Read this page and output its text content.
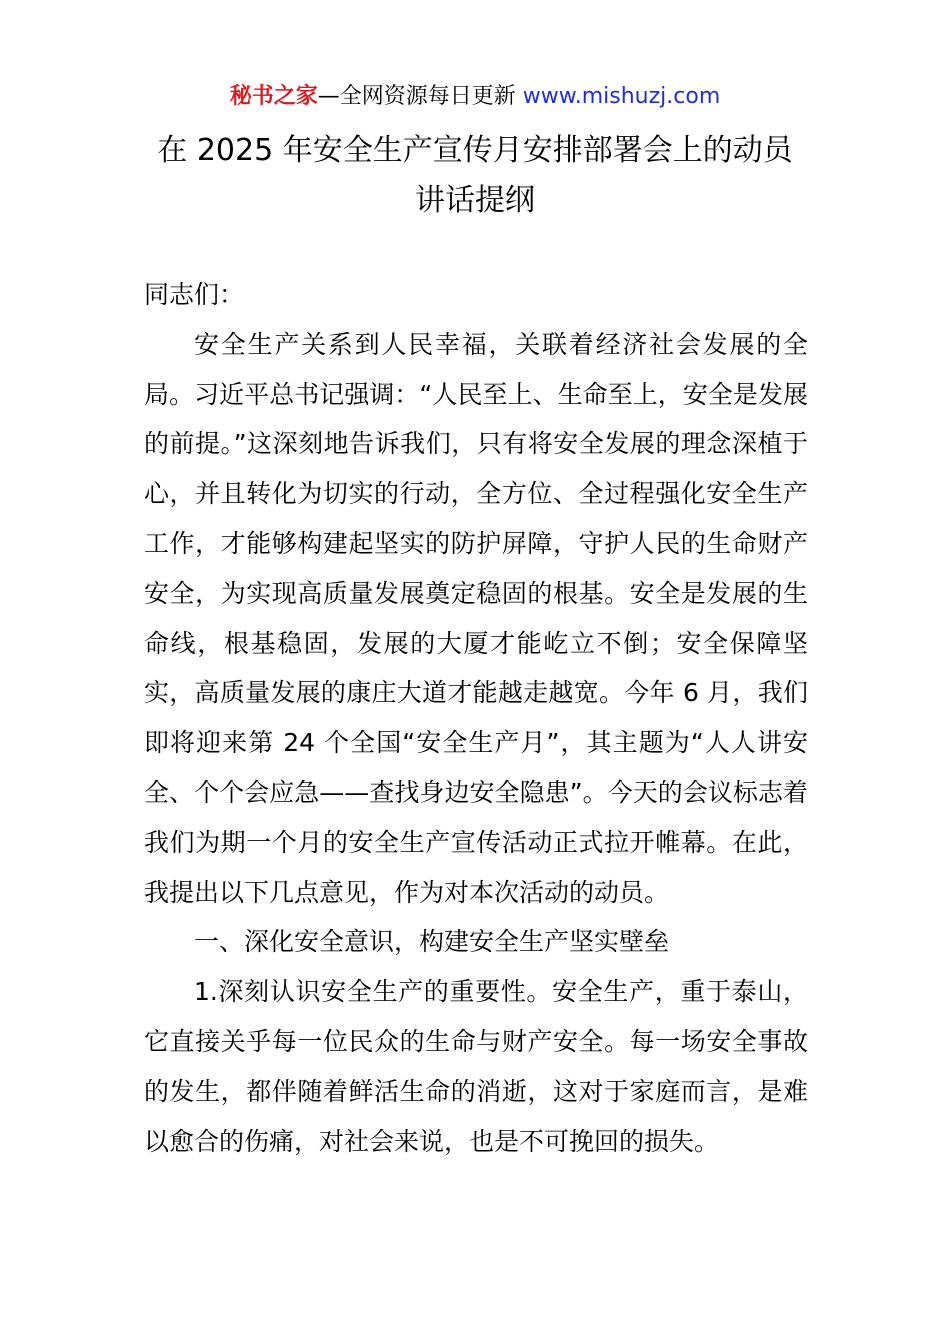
秘书之家—全网资源每日更新 www.mishuzj.com
在 2025 年安全生产宣传月安排部署会上的动员
讲话提纲

同志们：

安全生产关系到人民幸福，关联着经济社会发展的全局。习近平总书记强调：“人民至上、生命至上，安全是发展的前提。”这深刻地告诉我们，只有将安全发展的理念深植于心，并且转化为切实的行动，全方位、全过程强化安全生产工作，才能够构建起坚实的防护屏障，守护人民的生命财产安全，为实现高质量发展奠定稳固的根基。安全是发展的生命线，根基稳固，发展的大厦才能屹立不倒；安全保障坚实，高质量发展的康庄大道才能越走越宽。今年 6 月，我们即将迎来第 24 个全国“安全生产月”，其主题为“人人讲安全、个个会应急——查找身边安全隐患”。今天的会议标志着我们为期一个月的安全生产宣传活动正式拉开帷幕。在此，我提出以下几点意见，作为对本次活动的动员。

一、深化安全意识，构建安全生产坚实壁垒

1.深刻认识安全生产的重要性。安全生产，重于泰山，它直接关乎每一位民众的生命与财产安全。每一场安全事故的发生，都伴随着鲜活生命的消逝，这对于家庭而言，是难以愈合的伤痛，对社会来说，也是不可挽回的损失。
